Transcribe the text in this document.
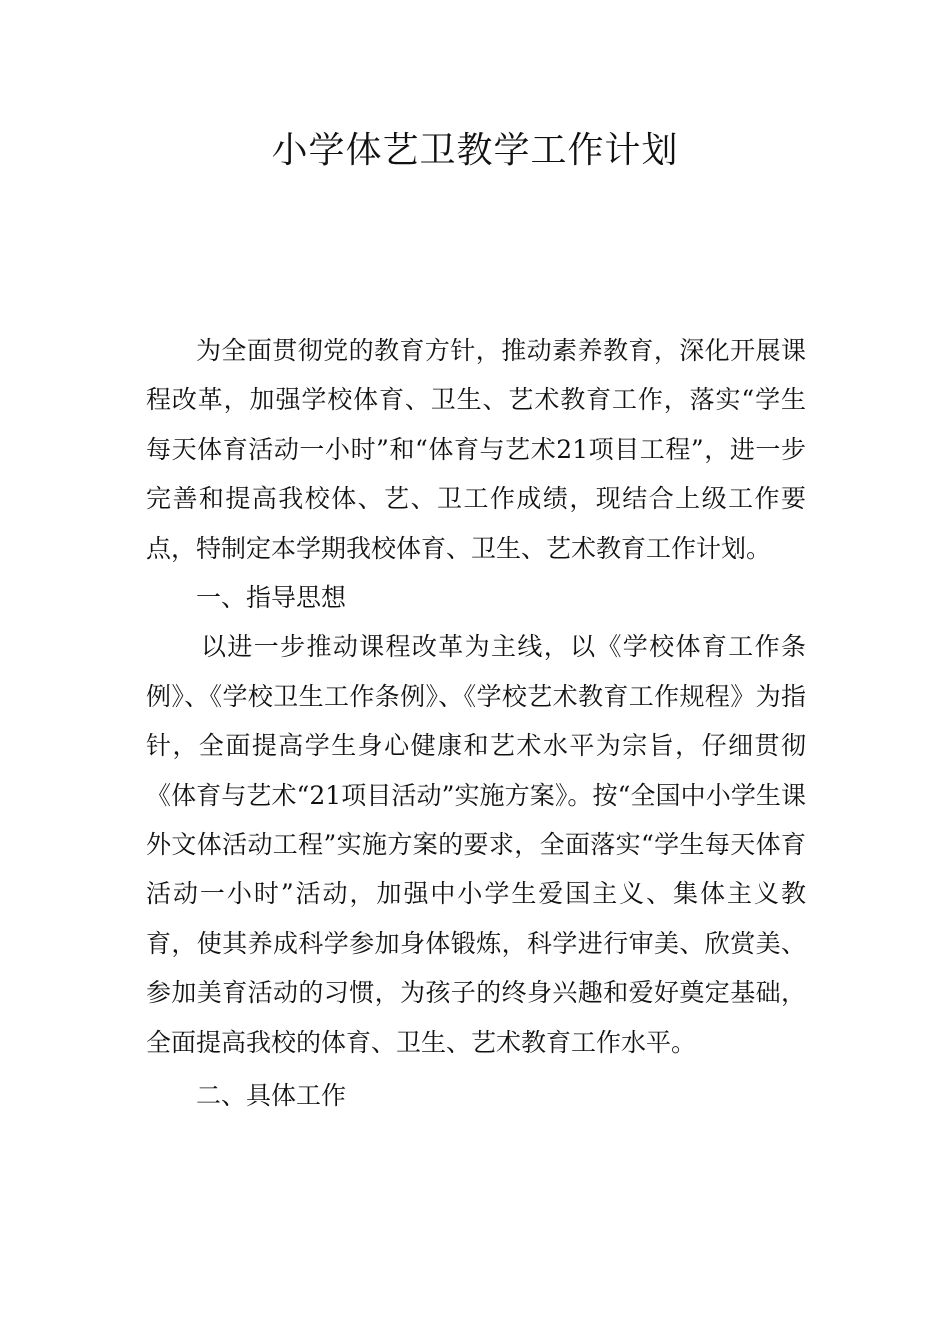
小学体艺卫教学工作计划

为全面贯彻党的教育方针，推动素养教育，深化开展课程改革，加强学校体育、卫生、艺术教育工作，落实“学生每天体育活动一小时”和“体育与艺术21项目工程”，进一步完善和提高我校体、艺、卫工作成绩，现结合上级工作要点，特制定本学期我校体育、卫生、艺术教育工作计划。

一、指导思想

以进一步推动课程改革为主线，以《学校体育工作条例》、《学校卫生工作条例》、《学校艺术教育工作规程》为指针，全面提高学生身心健康和艺术水平为宗旨，仔细贯彻《体育与艺术“21项目活动”实施方案》。按“全国中小学生课外文体活动工程”实施方案的要求，全面落实“学生每天体育活动一小时”活动，加强中小学生爱国主义、集体主义教育，使其养成科学参加身体锻炼，科学进行审美、欣赏美、参加美育活动的习惯，为孩子的终身兴趣和爱好奠定基础，全面提高我校的体育、卫生、艺术教育工作水平。

二、具体工作
